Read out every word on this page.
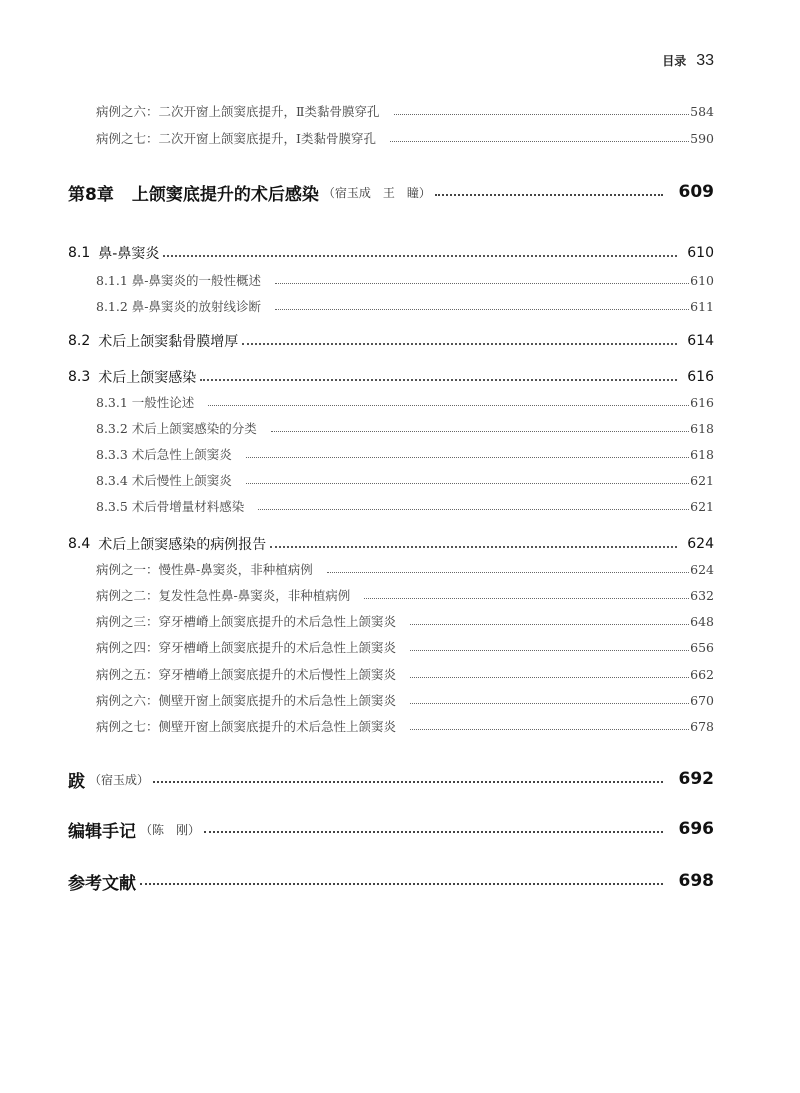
目录 33
病例之六：二次开窗上颌窦底提升，Ⅱ类黏骨膜穿孔	584
病例之七：二次开窗上颌窦底提升，Ⅰ类黏骨膜穿孔	590
第8章 上颌窦底提升的术后感染 （宿玉成　王　瞳）	609
8.1 鼻-鼻窦炎	610
8.1.1 鼻-鼻窦炎的一般性概述	610
8.1.2 鼻-鼻窦炎的放射线诊断	611
8.2 术后上颌窦黏骨膜增厚	614
8.3 术后上颌窦感染	616
8.3.1 一般性论述	616
8.3.2 术后上颌窦感染的分类	618
8.3.3 术后急性上颌窦炎	618
8.3.4 术后慢性上颌窦炎	621
8.3.5 术后骨增量材料感染	621
8.4 术后上颌窦感染的病例报告	624
病例之一：慢性鼻-鼻窦炎，非种植病例	624
病例之二：复发性急性鼻-鼻窦炎，非种植病例	632
病例之三：穿牙槽嵴上颌窦底提升的术后急性上颌窦炎	648
病例之四：穿牙槽嵴上颌窦底提升的术后急性上颌窦炎	656
病例之五：穿牙槽嵴上颌窦底提升的术后慢性上颌窦炎	662
病例之六：侧壁开窗上颌窦底提升的术后急性上颌窦炎	670
病例之七：侧壁开窗上颌窦底提升的术后急性上颌窦炎	678
跋 （宿玉成）	692
编辑手记 （陈　刚）	696
参考文献	698
